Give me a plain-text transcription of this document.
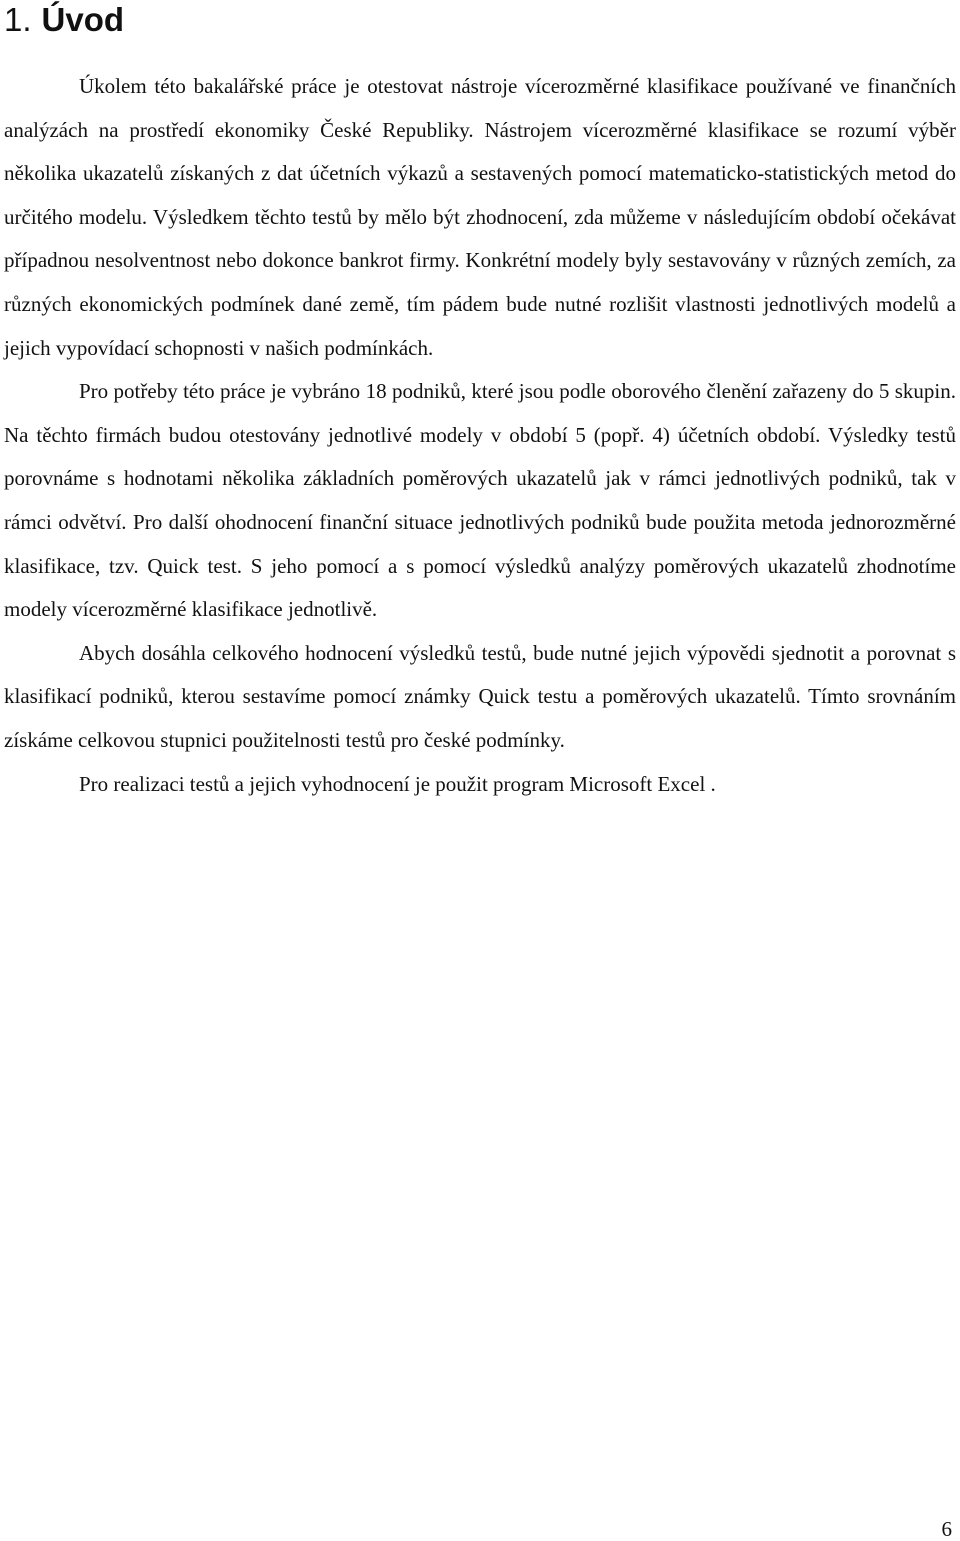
1. Úvod

Úkolem této bakalářské práce je otestovat nástroje vícerozměrné klasifikace používané ve finančních analýzách na prostředí ekonomiky České Republiky. Nástrojem vícerozměrné klasifikace se rozumí výběr několika ukazatelů získaných z dat účetních výkazů a sestavených pomocí matematicko-statistických metod do určitého modelu. Výsledkem těchto testů by mělo být zhodnocení, zda můžeme v následujícím období očekávat případnou nesolventnost nebo dokonce bankrot firmy. Konkrétní modely byly sestavovány v různých zemích, za různých ekonomických podmínek dané země, tím pádem bude nutné rozlišit vlastnosti jednotlivých modelů a jejich vypovídací schopnosti v našich podmínkách.

Pro potřeby této práce je vybráno 18 podniků, které jsou podle oborového členění zařazeny do 5 skupin. Na těchto firmách budou otestovány jednotlivé modely v období 5 (popř. 4) účetních období. Výsledky testů porovnáme s hodnotami několika základních poměrových ukazatelů jak v rámci jednotlivých podniků, tak v rámci odvětví. Pro další ohodnocení finanční situace jednotlivých podniků bude použita metoda jednorozměrné klasifikace, tzv. Quick test. S jeho pomocí a s pomocí výsledků analýzy poměrových ukazatelů zhodnotíme modely vícerozměrné klasifikace jednotlivě.

Abych dosáhla celkového hodnocení výsledků testů, bude nutné jejich výpovědi sjednotit a porovnat s klasifikací podniků, kterou sestavíme pomocí známky Quick testu a poměrových ukazatelů. Tímto srovnáním získáme celkovou stupnici použitelnosti testů pro české podmínky.

Pro realizaci testů a jejich vyhodnocení je použit program Microsoft Excel .

6
